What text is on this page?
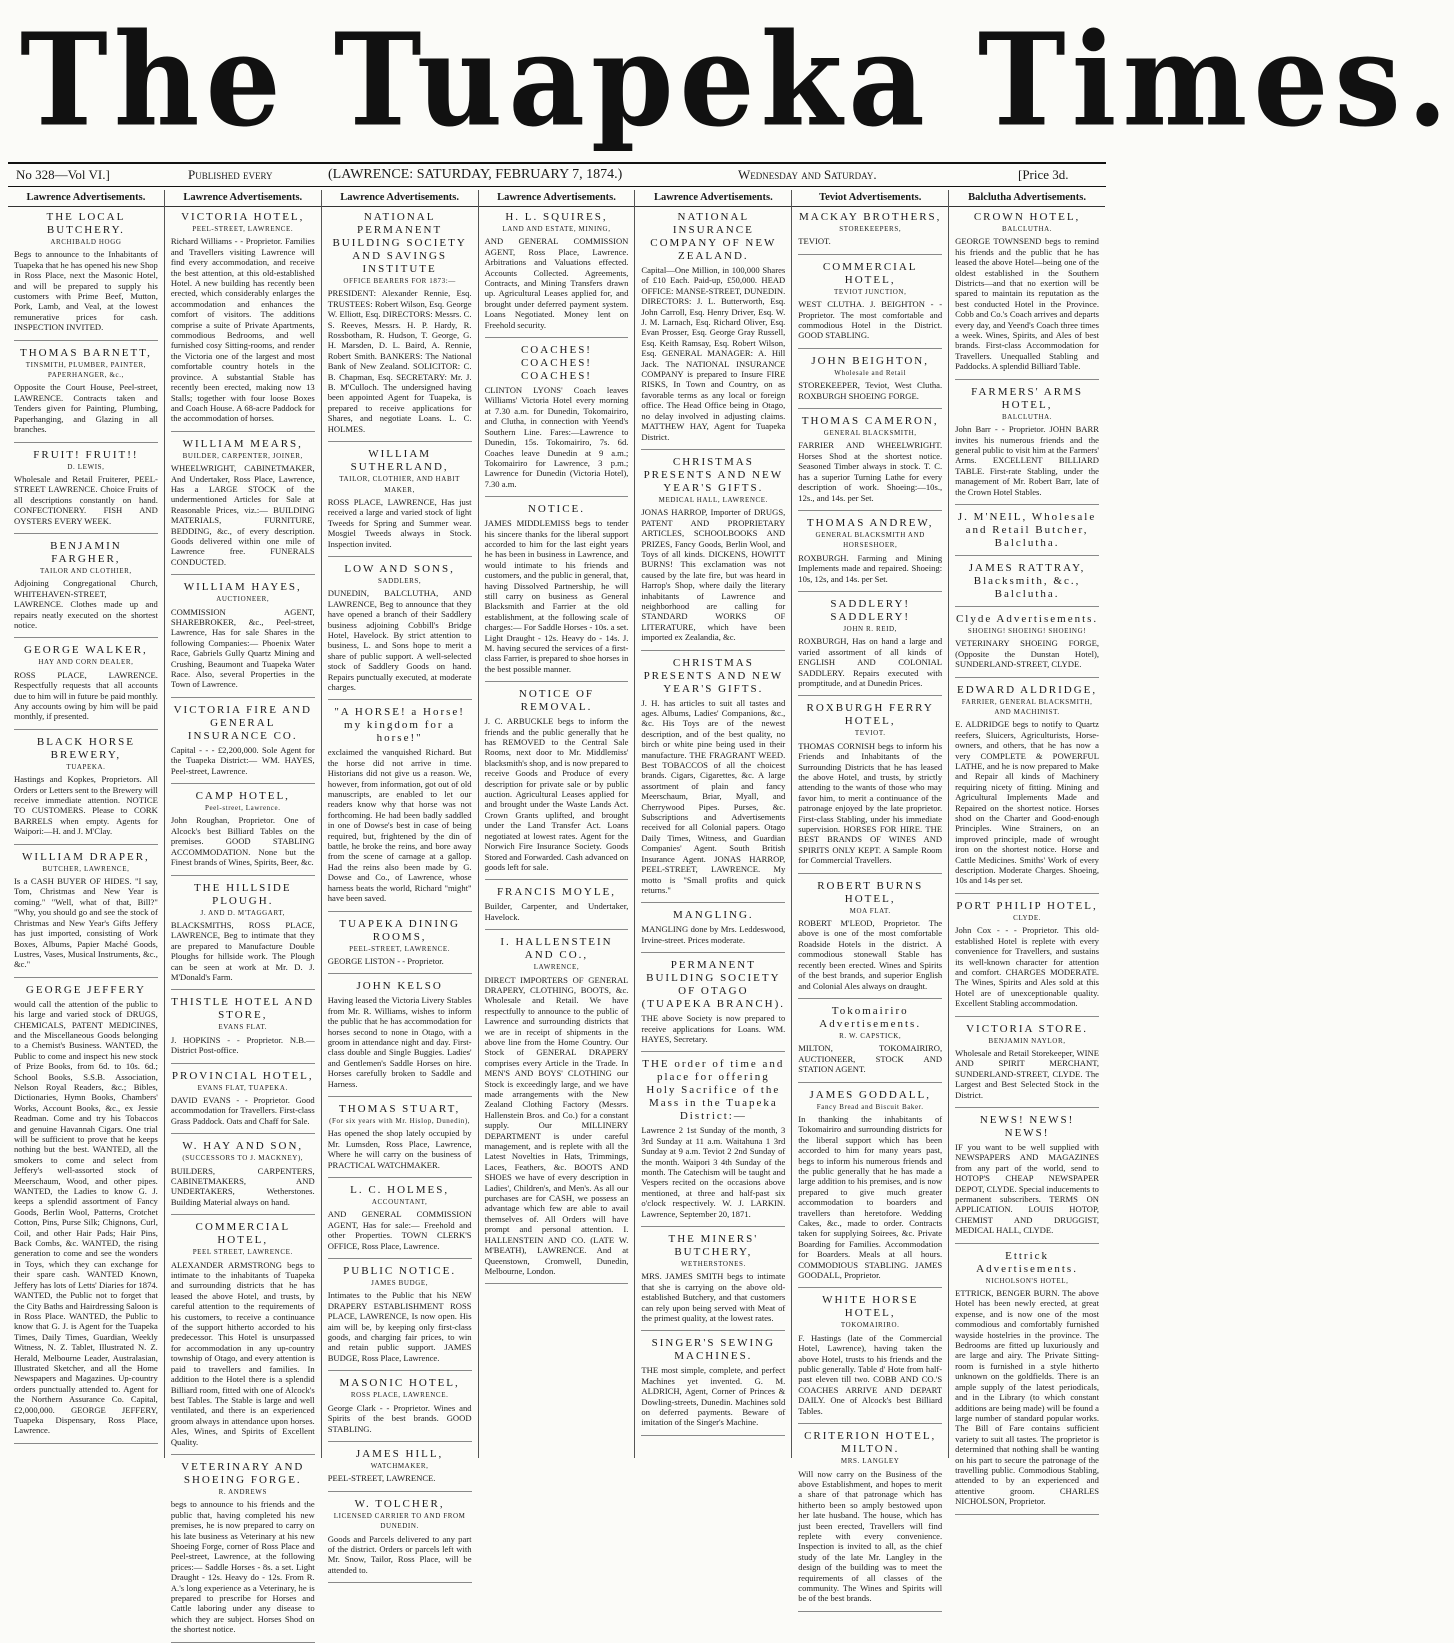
The Tuapeka Times.
No 328—Vol VI.]	Published every	(LAWRENCE: SATURDAY, FEBRUARY 7, 1874.)	Wednesday and Saturday.	[Price 3d.
Lawrence Advertisements.
THE LOCAL BUTCHERY.
ARCHIBALD HOGG

Begs to announce to the Inhabitants of Tuapeka that he has opened his new Shop in Ross Place, next the Masonic Hotel, and will be prepared to supply his customers with Prime Beef, Mutton, Pork, Lamb, and Veal, at the lowest remunerative prices for cash. INSPECTION INVITED.

THOMAS BARNETT,
TINSMITH, PLUMBER, PAINTER, PAPERHANGER, &c.,

Opposite the Court House, Peel-street, LAWRENCE. Contracts taken and Tenders given for Painting, Plumbing, Paperhanging, and Glazing in all branches.

FRUIT! FRUIT!!
D. LEWIS,

Wholesale and Retail Fruiterer, PEEL-STREET LAWRENCE. Choice Fruits of all descriptions constantly on hand. CONFECTIONERY. FISH AND OYSTERS EVERY WEEK.

BENJAMIN FARGHER,
TAILOR AND CLOTHIER,

Adjoining Congregational Church, WHITEHAVEN-STREET, LAWRENCE. Clothes made up and repairs neatly executed on the shortest notice.

GEORGE WALKER,
HAY AND CORN DEALER,

ROSS PLACE, LAWRENCE. Respectfully requests that all accounts due to him will in future be paid monthly. Any accounts owing by him will be paid monthly, if presented.

BLACK HORSE BREWERY,
TUAPEKA.

Hastings and Kopkes, Proprietors. All Orders or Letters sent to the Brewery will receive immediate attention. NOTICE TO CUSTOMERS. Please to CORK BARRELS when empty. Agents for Waipori:—H. and J. M'Clay.

WILLIAM DRAPER,
BUTCHER, LAWRENCE,

Is a CASH BUYER OF HIDES. "I say, Tom, Christmas and New Year is coming." "Well, what of that, Bill?" "Why, you should go and see the stock of Christmas and New Year's Gifts Jeffery has just imported, consisting of Work Boxes, Albums, Papier Maché Goods, Lustres, Vases, Musical Instruments, &c., &c."

GEORGE JEFFERY

would call the attention of the public to his large and varied stock of DRUGS, CHEMICALS, PATENT MEDICINES, and the Miscellaneous Goods belonging to a Chemist's Business. WANTED, the Public to come and inspect his new stock of Prize Books, from 6d. to 10s. 6d.; School Books, S.S.B. Association, Nelson Royal Readers, &c.; Bibles, Dictionaries, Hymn Books, Chambers' Works, Account Books, &c., ex Jessie Readman. Come and try his Tobaccos and genuine Havannah Cigars. One trial will be sufficient to prove that he keeps nothing but the best. WANTED, all the smokers to come and select from Jeffery's well-assorted stock of Meerschaum, Wood, and other pipes. WANTED, the Ladies to know G. J. keeps a splendid assortment of Fancy Goods, Berlin Wool, Patterns, Crotchet Cotton, Pins, Purse Silk; Chignons, Curl, Coil, and other Hair Pads; Hair Pins, Back Combs, &c. WANTED, the rising generation to come and see the wonders in Toys, which they can exchange for their spare cash. WANTED Known, Jeffery has lots of Letts' Diaries for 1874. WANTED, the Public not to forget that the City Baths and Hairdressing Saloon is in Ross Place. WANTED, the Public to know that G. J. is Agent for the Tuapeka Times, Daily Times, Guardian, Weekly Witness, N. Z. Tablet, Illustrated N. Z. Herald, Melbourne Leader, Australasian, Illustrated Sketcher, and all the Home Newspapers and Magazines. Up-country orders punctually attended to. Agent for the Northern Assurance Co. Capital, £2,000,000. GEORGE JEFFERY, Tuapeka Dispensary, Ross Place, Lawrence.

Lawrence Advertisements.
VICTORIA HOTEL,
PEEL-STREET, LAWRENCE.

Richard Williams - - Proprietor. Families and Travellers visiting Lawrence will find every accommodation, and receive the best attention, at this old-established Hotel. A new building has recently been erected, which considerably enlarges the accommodation and enhances the comfort of visitors. The additions comprise a suite of Private Apartments, commodious Bedrooms, and well furnished cosy Sitting-rooms, and render the Victoria one of the largest and most comfortable country hotels in the province. A substantial Stable has recently been erected, making now 13 Stalls; together with four loose Boxes and Coach House. A 68-acre Paddock for the accommodation of horses.

WILLIAM MEARS,
BUILDER, CARPENTER, JOINER,

WHEELWRIGHT, CABINETMAKER, And Undertaker, Ross Place, Lawrence, Has a LARGE STOCK of the undermentioned Articles for Sale at Reasonable Prices, viz.:— BUILDING MATERIALS, FURNITURE, BEDDING, &c., of every description. Goods delivered within one mile of Lawrence free. FUNERALS CONDUCTED.

WILLIAM HAYES,
AUCTIONEER,

COMMISSION AGENT, SHAREBROKER, &c., Peel-street, Lawrence, Has for sale Shares in the following Companies:— Phoenix Water Race, Gabriels Gully Quartz Mining and Crushing, Beaumont and Tuapeka Water Race. Also, several Properties in the Town of Lawrence.

VICTORIA FIRE AND GENERAL INSURANCE CO.

Capital - - - £2,200,000. Sole Agent for the Tuapeka District:— WM. HAYES, Peel-street, Lawrence.

CAMP HOTEL,
Peel-street, Lawrence.

John Roughan, Proprietor. One of Alcock's best Billiard Tables on the premises. GOOD STABLING ACCOMMODATION. None but the Finest brands of Wines, Spirits, Beer, &c.

THE HILLSIDE PLOUGH.
J. AND D. M'TAGGART,

BLACKSMITHS, ROSS PLACE, LAWRENCE, Beg to intimate that they are prepared to Manufacture Double Ploughs for hillside work. The Plough can be seen at work at Mr. D. J. M'Donald's Farm.

THISTLE HOTEL AND STORE,
EVANS FLAT.

J. HOPKINS - - Proprietor. N.B.—District Post-office.

PROVINCIAL HOTEL,
EVANS FLAT, TUAPEKA.

DAVID EVANS - - Proprietor. Good accommodation for Travellers. First-class Grass Paddock. Oats and Chaff for Sale.

W. HAY AND SON,
(SUCCESSORS TO J. MACKNEY),

BUILDERS, CARPENTERS, CABINETMAKERS, AND UNDERTAKERS, Wetherstones. Building Material always on hand.

COMMERCIAL HOTEL,
PEEL STREET, LAWRENCE.

ALEXANDER ARMSTRONG begs to intimate to the inhabitants of Tuapeka and surrounding districts that he has leased the above Hotel, and trusts, by careful attention to the requirements of his customers, to receive a continuance of the support hitherto accorded to his predecessor. This Hotel is unsurpassed for accommodation in any up-country township of Otago, and every attention is paid to travellers and families. In addition to the Hotel there is a splendid Billiard room, fitted with one of Alcock's best Tables. The Stable is large and well ventilated, and there is an experienced groom always in attendance upon horses. Ales, Wines, and Spirits of Excellent Quality.

VETERINARY AND SHOEING FORGE.
R. ANDREWS

begs to announce to his friends and the public that, having completed his new premises, he is now prepared to carry on his late business as Veterinary at his new Shoeing Forge, corner of Ross Place and Peel-street, Lawrence, at the following prices:— Saddle Horses - 8s. a set. Light Draught - 12s. Heavy do - 12s. From R. A.'s long experience as a Veterinary, he is prepared to prescribe for Horses and Cattle laboring under any disease to which they are subject. Horses Shod on the shortest notice.

Lawrence Advertisements.
NATIONAL PERMANENT BUILDING SOCIETY AND SAVINGS INSTITUTE
OFFICE BEARERS FOR 1873:—

PRESIDENT: Alexander Rennie, Esq. TRUSTEES: Robert Wilson, Esq. George W. Elliott, Esq. DIRECTORS: Messrs. C. S. Reeves, Messrs. H. P. Hardy, R. Rossbotham, R. Hudson, T. George, G. H. Marsden, D. L. Baird, A. Rennie, Robert Smith. BANKERS: The National Bank of New Zealand. SOLICITOR: C. B. Chapman, Esq. SECRETARY: Mr. J. B. M'Culloch. The undersigned having been appointed Agent for Tuapeka, is prepared to receive applications for Shares, and negotiate Loans. L. C. HOLMES.

WILLIAM SUTHERLAND,
TAILOR, CLOTHIER, AND HABIT MAKER,

ROSS PLACE, LAWRENCE, Has just received a large and varied stock of light Tweeds for Spring and Summer wear. Mosgiel Tweeds always in Stock. Inspection invited.

LOW AND SONS,
SADDLERS,

DUNEDIN, BALCLUTHA, AND LAWRENCE, Beg to announce that they have opened a branch of their Saddlery business adjoining Cobbill's Bridge Hotel, Havelock. By strict attention to business, L. and Sons hope to merit a share of public support. A well-selected stock of Saddlery Goods on hand. Repairs punctually executed, at moderate charges.

"A HORSE! a Horse! my kingdom for a horse!"

exclaimed the vanquished Richard. But the horse did not arrive in time. Historians did not give us a reason. We, however, from information, got out of old manuscripts, are enabled to let our readers know why that horse was not forthcoming. He had been badly saddled in one of Dowse's best in case of being required, but, frightened by the din of battle, he broke the reins, and bore away from the scene of carnage at a gallop. Had the reins also been made by G. Dowse and Co., of Lawrence, whose harness beats the world, Richard "might" have been saved.

TUAPEKA DINING ROOMS,
PEEL-STREET, LAWRENCE.

GEORGE LISTON - - Proprietor.

JOHN KELSO

Having leased the Victoria Livery Stables from Mr. R. Williams, wishes to inform the public that he has accommodation for horses second to none in Otago, with a groom in attendance night and day. First-class double and Single Buggies. Ladies' and Gentlemen's Saddle Horses on hire. Horses carefully broken to Saddle and Harness.

THOMAS STUART,
(For six years with Mr. Hislop, Dunedin),

Has opened the shop lately occupied by Mr. Lumsden, Ross Place, Lawrence, Where he will carry on the business of PRACTICAL WATCHMAKER.

L. C. HOLMES,
ACCOUNTANT,

AND GENERAL COMMISSION AGENT, Has for sale:— Freehold and other Properties. TOWN CLERK'S OFFICE, Ross Place, Lawrence.

PUBLIC NOTICE.
JAMES BUDGE,

Intimates to the Public that his NEW DRAPERY ESTABLISHMENT ROSS PLACE, LAWRENCE, Is now open. His aim will be, by keeping only first-class goods, and charging fair prices, to win and retain public support. JAMES BUDGE, Ross Place, Lawrence.

MASONIC HOTEL,
ROSS PLACE, LAWRENCE.

George Clark - - Proprietor. Wines and Spirits of the best brands. GOOD STABLING.

JAMES HILL,
WATCHMAKER,

PEEL-STREET, LAWRENCE.

W. TOLCHER,
LICENSED CARRIER TO AND FROM DUNEDIN.

Goods and Parcels delivered to any part of the district. Orders or parcels left with Mr. Snow, Tailor, Ross Place, will be attended to.

Lawrence Advertisements.
H. L. SQUIRES,
LAND AND ESTATE, MINING,

AND GENERAL COMMISSION AGENT, Ross Place, Lawrence. Arbitrations and Valuations effected. Accounts Collected. Agreements, Contracts, and Mining Transfers drawn up. Agricultural Leases applied for, and brought under deferred payment system. Loans Negotiated. Money lent on Freehold security.

COACHES! COACHES! COACHES!

CLINTON LYONS' Coach leaves Williams' Victoria Hotel every morning at 7.30 a.m. for Dunedin, Tokomairiro, and Clutha, in connection with Yeend's Southern Line. Fares:—Lawrence to Dunedin, 15s. Tokomairiro, 7s. 6d. Coaches leave Dunedin at 9 a.m.; Tokomairiro for Lawrence, 3 p.m.; Lawrence for Dunedin (Victoria Hotel), 7.30 a.m.

NOTICE.

JAMES MIDDLEMISS begs to tender his sincere thanks for the liberal support accorded to him for the last eight years he has been in business in Lawrence, and would intimate to his friends and customers, and the public in general, that, having Dissolved Partnership, he will still carry on business as General Blacksmith and Farrier at the old establishment, at the following scale of charges:— For Saddle Horses - 10s. a set. Light Draught - 12s. Heavy do - 14s. J. M. having secured the services of a first-class Farrier, is prepared to shoe horses in the best possible manner.

NOTICE OF REMOVAL.

J. C. ARBUCKLE begs to inform the friends and the public generally that he has REMOVED to the Central Sale Rooms, next door to Mr. Middlemiss' blacksmith's shop, and is now prepared to receive Goods and Produce of every description for private sale or by public auction. Agricultural Leases applied for and brought under the Waste Lands Act. Crown Grants uplifted, and brought under the Land Transfer Act. Loans negotiated at lowest rates. Agent for the Norwich Fire Insurance Society. Goods Stored and Forwarded. Cash advanced on goods left for sale.

FRANCIS MOYLE,

Builder, Carpenter, and Undertaker, Havelock.

I. HALLENSTEIN AND CO.,
LAWRENCE,

DIRECT IMPORTERS OF GENERAL DRAPERY, CLOTHING, BOOTS, &c. Wholesale and Retail. We have respectfully to announce to the public of Lawrence and surrounding districts that we are in receipt of shipments in the above line from the Home Country. Our Stock of GENERAL DRAPERY comprises every Article in the Trade. In MEN'S AND BOYS' CLOTHING our Stock is exceedingly large, and we have made arrangements with the New Zealand Clothing Factory (Messrs. Hallenstein Bros. and Co.) for a constant supply. Our MILLINERY DEPARTMENT is under careful management, and is replete with all the Latest Novelties in Hats, Trimmings, Laces, Feathers, &c. BOOTS AND SHOES we have of every description in Ladies', Children's, and Men's. As all our purchases are for CASH, we possess an advantage which few are able to avail themselves of. All Orders will have prompt and personal attention. I. HALLENSTEIN AND CO. (LATE W. M'BEATH), LAWRENCE. And at Queenstown, Cromwell, Dunedin, Melbourne, London.

Lawrence Advertisements.
NATIONAL INSURANCE COMPANY OF NEW ZEALAND.

Capital—One Million, in 100,000 Shares of £10 Each. Paid-up, £50,000. HEAD OFFICE: MANSE-STREET, DUNEDIN. DIRECTORS: J. L. Butterworth, Esq. John Carroll, Esq. Henry Driver, Esq. W. J. M. Larnach, Esq. Richard Oliver, Esq. Evan Prosser, Esq. George Gray Russell, Esq. Keith Ramsay, Esq. Robert Wilson, Esq. GENERAL MANAGER: A. Hill Jack. The NATIONAL INSURANCE COMPANY is prepared to Insure FIRE RISKS, In Town and Country, on as favorable terms as any local or foreign office. The Head Office being in Otago, no delay involved in adjusting claims. MATTHEW HAY, Agent for Tuapeka District.

CHRISTMAS PRESENTS AND NEW YEAR'S GIFTS.
MEDICAL HALL, LAWRENCE.

JONAS HARROP, Importer of DRUGS, PATENT AND PROPRIETARY ARTICLES, SCHOOLBOOKS AND PRIZES, Fancy Goods, Berlin Wool, and Toys of all kinds. DICKENS, HOWITT BURNS! This exclamation was not caused by the late fire, but was heard in Harrop's Shop, where daily the literary inhabitants of Lawrence and neighborhood are calling for STANDARD WORKS OF LITERATURE, which have been imported ex Zealandia, &c.

CHRISTMAS PRESENTS AND NEW YEAR'S GIFTS.

J. H. has articles to suit all tastes and ages. Albums, Ladies' Companions, &c., &c. His Toys are of the newest description, and of the best quality, no birch or white pine being used in their manufacture. THE FRAGRANT WEED. Best TOBACCOS of all the choicest brands. Cigars, Cigarettes, &c. A large assortment of plain and fancy Meerschaum, Briar, Myall, and Cherrywood Pipes. Purses, &c. Subscriptions and Advertisements received for all Colonial papers. Otago Daily Times, Witness, and Guardian Companies' Agent. South British Insurance Agent. JONAS HARROP, PEEL-STREET, LAWRENCE. My motto is "Small profits and quick returns."

MANGLING.

MANGLING done by Mrs. Leddeswood, Irvine-street. Prices moderate.

PERMANENT BUILDING SOCIETY OF OTAGO (TUAPEKA BRANCH).

THE above Society is now prepared to receive applications for Loans. WM. HAYES, Secretary.

THE order of time and place for offering Holy Sacrifice of the Mass in the Tuapeka District:—

Lawrence 2 1st Sunday of the month, 3 3rd Sunday at 11 a.m. Waitahuna 1 3rd Sunday at 9 a.m. Teviot 2 2nd Sunday of the month. Waipori 3 4th Sunday of the month. The Catechism will be taught and Vespers recited on the occasions above mentioned, at three and half-past six o'clock respectively. W. J. LARKIN. Lawrence, September 20, 1871.

THE MINERS' BUTCHERY,
WETHERSTONES.

MRS. JAMES SMITH begs to intimate that she is carrying on the above old-established Butchery, and that customers can rely upon being served with Meat of the primest quality, at the lowest rates.

SINGER'S SEWING MACHINES.

THE most simple, complete, and perfect Machines yet invented. G. M. ALDRICH, Agent, Corner of Princes & Dowling-streets, Dunedin. Machines sold on deferred payments. Beware of imitation of the Singer's Machine.

Teviot Advertisements.
MACKAY BROTHERS,
STOREKEEPERS,

TEVIOT.

COMMERCIAL HOTEL,
TEVIOT JUNCTION,

WEST CLUTHA. J. BEIGHTON - - Proprietor. The most comfortable and commodious Hotel in the District. GOOD STABLING.

JOHN BEIGHTON,
Wholesale and Retail

STOREKEEPER, Teviot, West Clutha. ROXBURGH SHOEING FORGE.

THOMAS CAMERON,
GENERAL BLACKSMITH,

FARRIER AND WHEELWRIGHT. Horses Shod at the shortest notice. Seasoned Timber always in stock. T. C. has a superior Turning Lathe for every description of work. Shoeing:—10s., 12s., and 14s. per Set.

THOMAS ANDREW,
GENERAL BLACKSMITH AND HORSESHOER,

ROXBURGH. Farming and Mining Implements made and repaired. Shoeing: 10s, 12s, and 14s. per Set.

SADDLERY! SADDLERY!
JOHN R. REID,

ROXBURGH, Has on hand a large and varied assortment of all kinds of ENGLISH AND COLONIAL SADDLERY. Repairs executed with promptitude, and at Dunedin Prices.

ROXBURGH FERRY HOTEL,
TEVIOT.

THOMAS CORNISH begs to inform his Friends and Inhabitants of the Surrounding Districts that he has leased the above Hotel, and trusts, by strictly attending to the wants of those who may favor him, to merit a continuance of the patronage enjoyed by the late proprietor. First-class Stabling, under his immediate supervision. HORSES FOR HIRE. THE BEST BRANDS OF WINES AND SPIRITS ONLY KEPT. A Sample Room for Commercial Travellers.

ROBERT BURNS HOTEL,
MOA FLAT.

ROBERT M'LEOD, Proprietor. The above is one of the most comfortable Roadside Hotels in the district. A commodious stonewall Stable has recently been erected. Wines and Spirits of the best brands, and superior English and Colonial Ales always on draught.

Tokomairiro Advertisements.
R. W. CAPSTICK,

MILTON, TOKOMAIRIRO, AUCTIONEER, STOCK AND STATION AGENT.

JAMES GODDALL,
Fancy Bread and Biscuit Baker.

In thanking the inhabitants of Tokomairiro and surrounding districts for the liberal support which has been accorded to him for many years past, begs to inform his numerous friends and the public generally that he has made a large addition to his premises, and is now prepared to give much greater accommodation to boarders and travellers than heretofore. Wedding Cakes, &c., made to order. Contracts taken for supplying Soirees, &c. Private Boarding for Families. Accommodation for Boarders. Meals at all hours. COMMODIOUS STABLING. JAMES GOODALL, Proprietor.

WHITE HORSE HOTEL,
TOKOMAIRIRO.

F. Hastings (late of the Commercial Hotel, Lawrence), having taken the above Hotel, trusts to his friends and the public generally. Table d' Hote from half-past eleven till two. COBB AND CO.'S COACHES ARRIVE AND DEPART DAILY. One of Alcock's best Billiard Tables.

CRITERION HOTEL, MILTON.
MRS. LANGLEY

Will now carry on the Business of the above Establishment, and hopes to merit a share of that patronage which has hitherto been so amply bestowed upon her late husband. The house, which has just been erected, Travellers will find replete with every convenience. Inspection is invited to all, as the chief study of the late Mr. Langley in the design of the building was to meet the requirements of all classes of the community. The Wines and Spirits will be of the best brands.

Balclutha Advertisements.
CROWN HOTEL,
BALCLUTHA.

GEORGE TOWNSEND begs to remind his friends and the public that he has leased the above Hotel—being one of the oldest established in the Southern Districts—and that no exertion will be spared to maintain its reputation as the best conducted Hotel in the Province. Cobb and Co.'s Coach arrives and departs every day, and Yeend's Coach three times a week. Wines, Spirits, and Ales of best brands. First-class Accommodation for Travellers. Unequalled Stabling and Paddocks. A splendid Billiard Table.

FARMERS' ARMS HOTEL,
BALCLUTHA.

John Barr - - Proprietor. JOHN BARR invites his numerous friends and the general public to visit him at the Farmers' Arms. EXCELLENT BILLIARD TABLE. First-rate Stabling, under the management of Mr. Robert Barr, late of the Crown Hotel Stables.

J. M'NEIL, Wholesale and Retail Butcher, Balclutha.
JAMES RATTRAY, Blacksmith, &c., Balclutha.
Clyde Advertisements.
SHOEING! SHOEING! SHOEING!

VETERINARY SHOEING FORGE, (Opposite the Dunstan Hotel), SUNDERLAND-STREET, CLYDE.

EDWARD ALDRIDGE,
FARRIER, GENERAL BLACKSMITH, AND MACHINIST.

E. ALDRIDGE begs to notify to Quartz reefers, Sluicers, Agriculturists, Horse-owners, and others, that he has now a very COMPLETE & POWERFUL LATHE, and he is now prepared to Make and Repair all kinds of Machinery requiring nicety of fitting. Mining and Agricultural Implements Made and Repaired on the shortest notice. Horses shod on the Charter and Good-enough Principles. Wine Strainers, on an improved principle, made of wrought iron on the shortest notice. Horse and Cattle Medicines. Smiths' Work of every description. Moderate Charges. Shoeing, 10s and 14s per set.

PORT PHILIP HOTEL,
CLYDE.

John Cox - - - Proprietor. This old-established Hotel is replete with every convenience for Travellers, and sustains its well-known character for attention and comfort. CHARGES MODERATE. The Wines, Spirits and Ales sold at this Hotel are of unexceptionable quality. Excellent Stabling accommodation.

VICTORIA STORE.
BENJAMIN NAYLOR,

Wholesale and Retail Storekeeper, WINE AND SPIRIT MERCHANT, SUNDERLAND-STREET, CLYDE. The Largest and Best Selected Stock in the District.

NEWS! NEWS! NEWS!

IF you want to be well supplied with NEWSPAPERS AND MAGAZINES from any part of the world, send to HOTOP'S CHEAP NEWSPAPER DEPOT, CLYDE. Special inducements to permanent subscribers. TERMS ON APPLICATION. LOUIS HOTOP, CHEMIST AND DRUGGIST, MEDICAL HALL, CLYDE.

Ettrick Advertisements.
NICHOLSON'S HOTEL,

ETTRICK, BENGER BURN. The above Hotel has been newly erected, at great expense, and is now one of the most commodious and comfortably furnished wayside hostelries in the province. The Bedrooms are fitted up luxuriously and are large and airy. The Private Sitting-room is furnished in a style hitherto unknown on the goldfields. There is an ample supply of the latest periodicals, and in the Library (to which constant additions are being made) will be found a large number of standard popular works. The Bill of Fare contains sufficient variety to suit all tastes. The proprietor is determined that nothing shall be wanting on his part to secure the patronage of the travelling public. Commodious Stabling, attended to by an experienced and attentive groom. CHARLES NICHOLSON, Proprietor.
